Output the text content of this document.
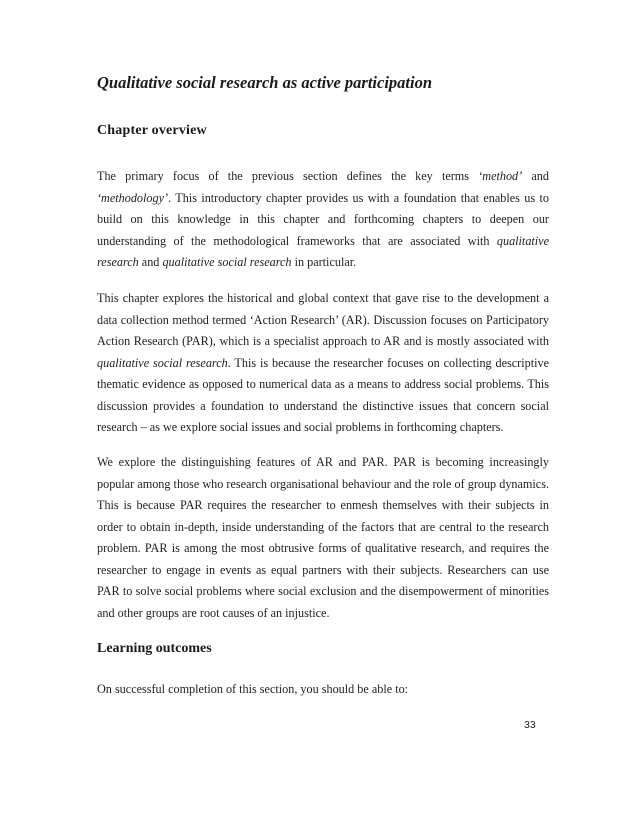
Qualitative social research as active participation
Chapter overview

The primary focus of the previous section defines the key terms ‘method’ and ‘methodology’. This introductory chapter provides us with a foundation that enables us to build on this knowledge in this chapter and forthcoming chapters to deepen our understanding of the methodological frameworks that are associated with qualitative research and qualitative social research in particular.

This chapter explores the historical and global context that gave rise to the development a data collection method termed ‘Action Research’ (AR). Discussion focuses on Participatory Action Research (PAR), which is a specialist approach to AR and is mostly associated with qualitative social research. This is because the researcher focuses on collecting descriptive thematic evidence as opposed to numerical data as a means to address social problems. This discussion provides a foundation to understand the distinctive issues that concern social research – as we explore social issues and social problems in forthcoming chapters.

We explore the distinguishing features of AR and PAR. PAR is becoming increasingly popular among those who research organisational behaviour and the role of group dynamics. This is because PAR requires the researcher to enmesh themselves with their subjects in order to obtain in-depth, inside understanding of the factors that are central to the research problem. PAR is among the most obtrusive forms of qualitative research, and requires the researcher to engage in events as equal partners with their subjects. Researchers can use PAR to solve social problems where social exclusion and the disempowerment of minorities and other groups are root causes of an injustice.

Learning outcomes

On successful completion of this section, you should be able to:

33
